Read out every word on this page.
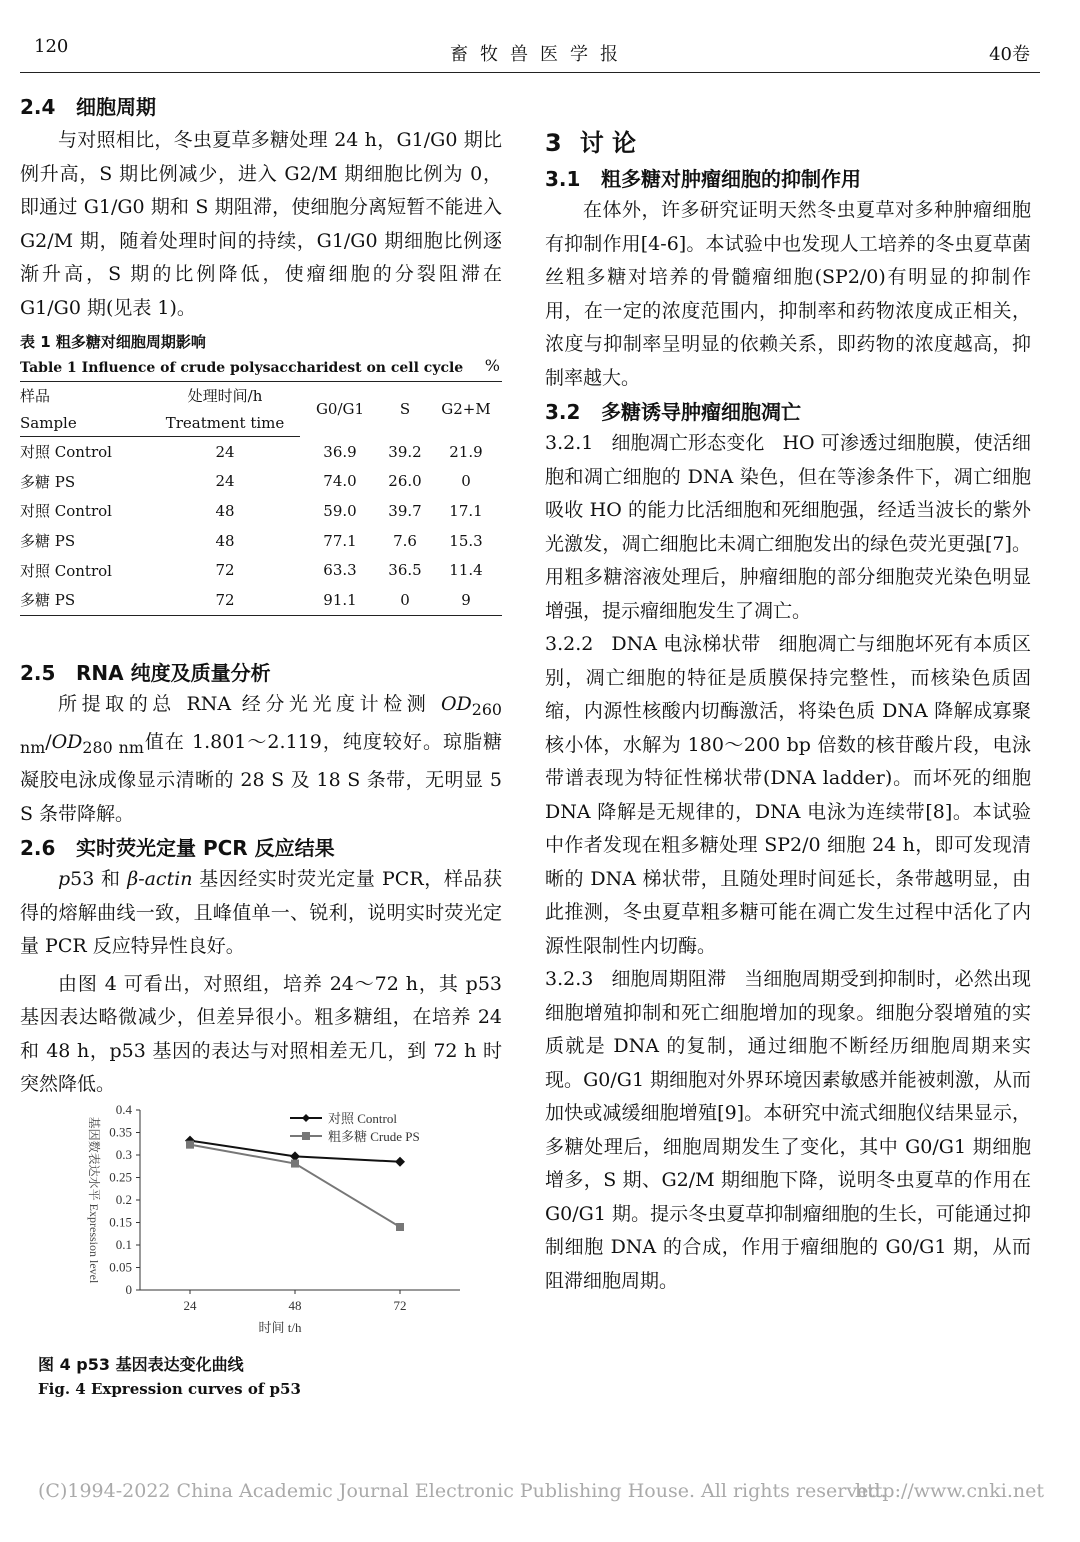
120	畜牧兽医学报	40卷
2.4 细胞周期

与对照相比，冬虫夏草多糖处理 24 h，G1/G0 期比例升高，S 期比例减少，进入 G2/M 期细胞比例为 0，即通过 G1/G0 期和 S 期阻滞，使细胞分离短暂不能进入 G2/M 期，随着处理时间的持续，G1/G0 期细胞比例逐渐升高，S 期的比例降低，使瘤细胞的分裂阻滞在 G1/G0 期(见表 1)。

表 1 粗多糖对细胞周期影响
Table 1 Influence of crude polysaccharidest on cell cycle %
样品	处理时间/h	G0/G1	S	G2+M
Sample	Treatment time			
对照 Control	24	36.9	39.2	21.9
多糖 PS	24	74.0	26.0	0
对照 Control	48	59.0	39.7	17.1
多糖 PS	48	77.1	7.6	15.3
对照 Control	72	63.3	36.5	11.4
多糖 PS	72	91.1	0	9
2.5 RNA 纯度及质量分析

所提取的总 RNA 经分光光度计检测 $OD_{260 nm}/OD_{280 nm}$值在 1.801～2.119，纯度较好。琼脂糖凝胶电泳成像显示清晰的 28 S 及 18 S 条带，无明显 5 S 条带降解。

2.6 实时荧光定量 PCR 反应结果

p53 和 β-actin 基因经实时荧光定量 PCR，样品获得的熔解曲线一致，且峰值单一、锐利，说明实时荧光定量 PCR 反应特异性良好。

由图 4 可看出，对照组，培养 24～72 h，其 p53 基因表达略微减少，但差异很小。粗多糖组，在培养 24 和 48 h，p53 基因的表达与对照相差无几，到 72 h 时突然降低。

0
0.05
0.1
0.15
0.2
0.25
0.3
0.35
0.4
24	48	72
时间 t/h
基因数表达水平 Expression level	对照 Control
粗多糖 Crude PS
图 4 p53 基因表达变化曲线
Fig. 4 Expression curves of p53
3 讨 论
3.1 粗多糖对肿瘤细胞的抑制作用

在体外，许多研究证明天然冬虫夏草对多种肿瘤细胞有抑制作用[4-6]。本试验中也发现人工培养的冬虫夏草菌丝粗多糖对培养的骨髓瘤细胞(SP2/0)有明显的抑制作用，在一定的浓度范围内，抑制率和药物浓度成正相关，浓度与抑制率呈明显的依赖关系，即药物的浓度越高，抑制率越大。

3.2 多糖诱导肿瘤细胞凋亡
3.2.1 细胞凋亡形态变化 HO 可渗透过细胞膜，使活细胞和凋亡细胞的 DNA 染色，但在等渗条件下，凋亡细胞吸收 HO 的能力比活细胞和死细胞强，经适当波长的紫外光激发，凋亡细胞比未凋亡细胞发出的绿色荧光更强[7]。用粗多糖溶液处理后，肿瘤细胞的部分细胞荧光染色明显增强，提示瘤细胞发生了凋亡。
3.2.2 DNA 电泳梯状带 细胞凋亡与细胞坏死有本质区别，凋亡细胞的特征是质膜保持完整性，而核染色质固缩，内源性核酸内切酶激活，将染色质 DNA 降解成寡聚核小体，水解为 180～200 bp 倍数的核苷酸片段，电泳带谱表现为特征性梯状带(DNA ladder)。而坏死的细胞 DNA 降解是无规律的，DNA 电泳为连续带[8]。本试验中作者发现在粗多糖处理 SP2/0 细胞 24 h，即可发现清晰的 DNA 梯状带，且随处理时间延长，条带越明显，由此推测，冬虫夏草粗多糖可能在凋亡发生过程中活化了内源性限制性内切酶。
3.2.3 细胞周期阻滞 当细胞周期受到抑制时，必然出现细胞增殖抑制和死亡细胞增加的现象。细胞分裂增殖的实质就是 DNA 的复制，通过细胞不断经历细胞周期来实现。G0/G1 期细胞对外界环境因素敏感并能被刺激，从而加快或减缓细胞增殖[9]。本研究中流式细胞仪结果显示，多糖处理后，细胞周期发生了变化，其中 G0/G1 期细胞增多，S 期、G2/M 期细胞下降，说明冬虫夏草的作用在 G0/G1 期。提示冬虫夏草抑制瘤细胞的生长，可能通过抑制细胞 DNA 的合成，作用于瘤细胞的 G0/G1 期，从而阻滞细胞周期。
(C)1994-2022 China Academic Journal Electronic Publishing House. All rights reserved.
http://www.cnki.net
